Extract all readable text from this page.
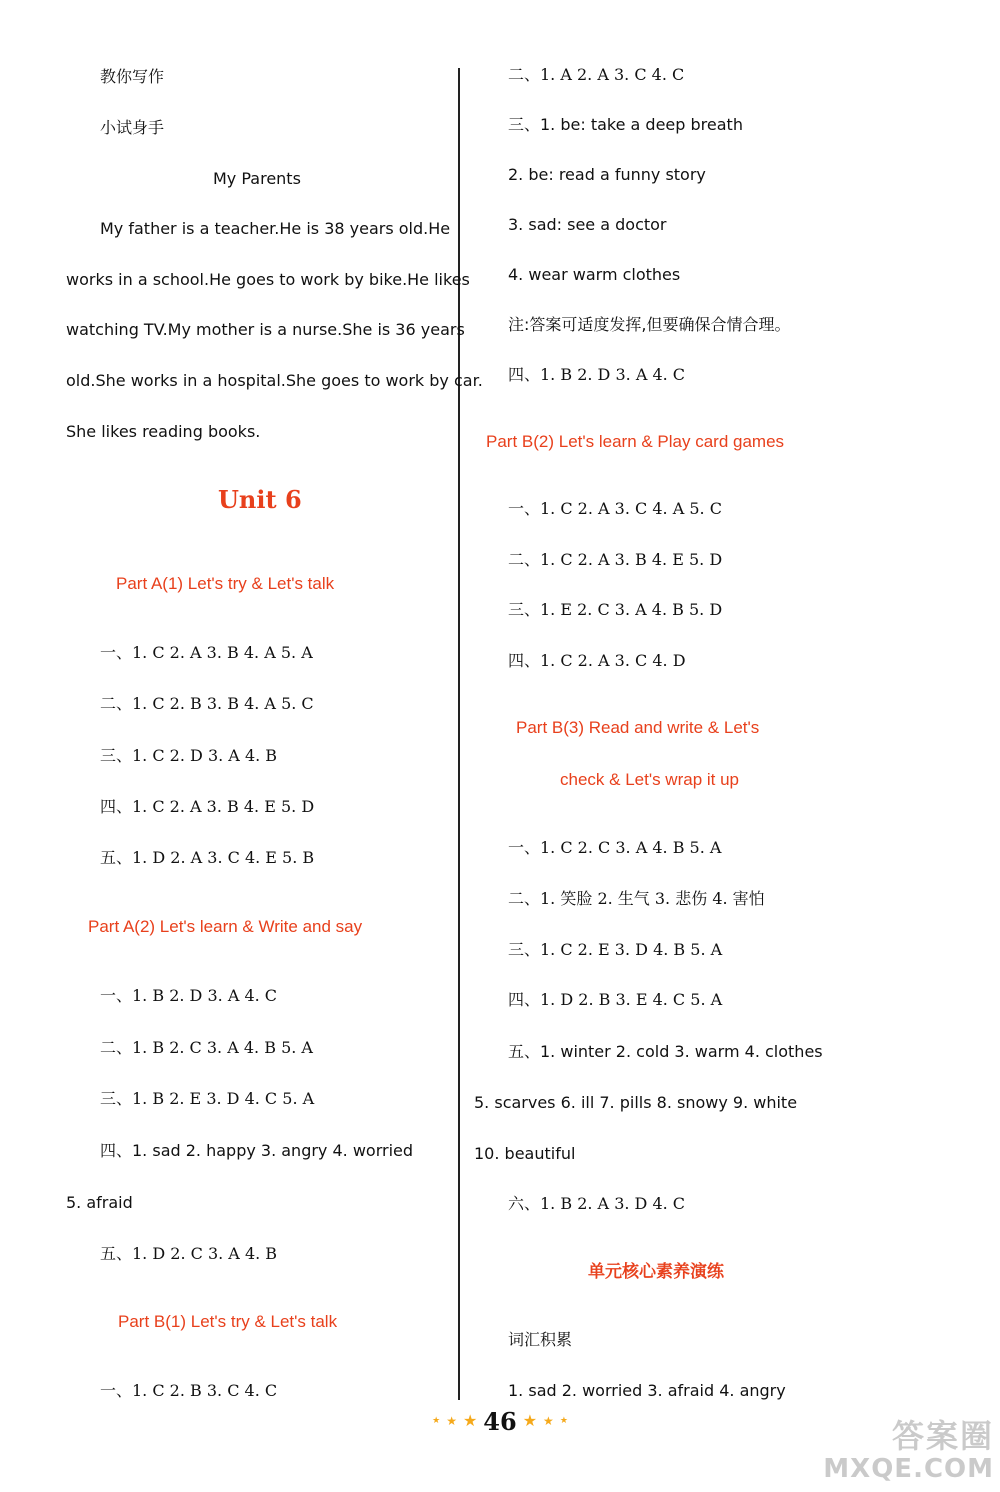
教你写作
小试身手
My Parents
My father is a teacher.He is 38 years old.He
works in a school.He goes to work by bike.He likes
watching TV.My mother is a nurse.She is 36 years
old.She works in a hospital.She goes to work by car.
She likes reading books.
Unit 6
Part A(1) Let's try & Let's talk
一、1. C 2. A 3. B 4. A 5. A
二、1. C 2. B 3. B 4. A 5. C
三、1. C 2. D 3. A 4. B
四、1. C 2. A 3. B 4. E 5. D
五、1. D 2. A 3. C 4. E 5. B
Part A(2) Let's learn & Write and say
一、1. B 2. D 3. A 4. C
二、1. B 2. C 3. A 4. B 5. A
三、1. B 2. E 3. D 4. C 5. A
四、1. sad 2. happy 3. angry 4. worried
5. afraid
五、1. D 2. C 3. A 4. B
Part B(1) Let's try & Let's talk
一、1. C 2. B 3. C 4. C
二、1. A 2. A 3. C 4. C
三、1. be: take a deep breath
2. be: read a funny story
3. sad: see a doctor
4. wear warm clothes
注:答案可适度发挥,但要确保合情合理。
四、1. B 2. D 3. A 4. C
Part B(2) Let's learn & Play card games
一、1. C 2. A 3. C 4. A 5. C
二、1. C 2. A 3. B 4. E 5. D
三、1. E 2. C 3. A 4. B 5. D
四、1. C 2. A 3. C 4. D
Part B(3) Read and write & Let's
check & Let's wrap it up
一、1. C 2. C 3. A 4. B 5. A
二、1. 笑脸 2. 生气 3. 悲伤 4. 害怕
三、1. C 2. E 3. D 4. B 5. A
四、1. D 2. B 3. E 4. C 5. A
五、1. winter 2. cold 3. warm 4. clothes
5. scarves 6. ill 7. pills 8. snowy 9. white
10. beautiful
六、1. B 2. A 3. D 4. C
单元核心素养演练
词汇积累
1. sad 2. worried 3. afraid 4. angry
★ ★ ★ 46 ★ ★ ★	答案圈
MXQE.COM
